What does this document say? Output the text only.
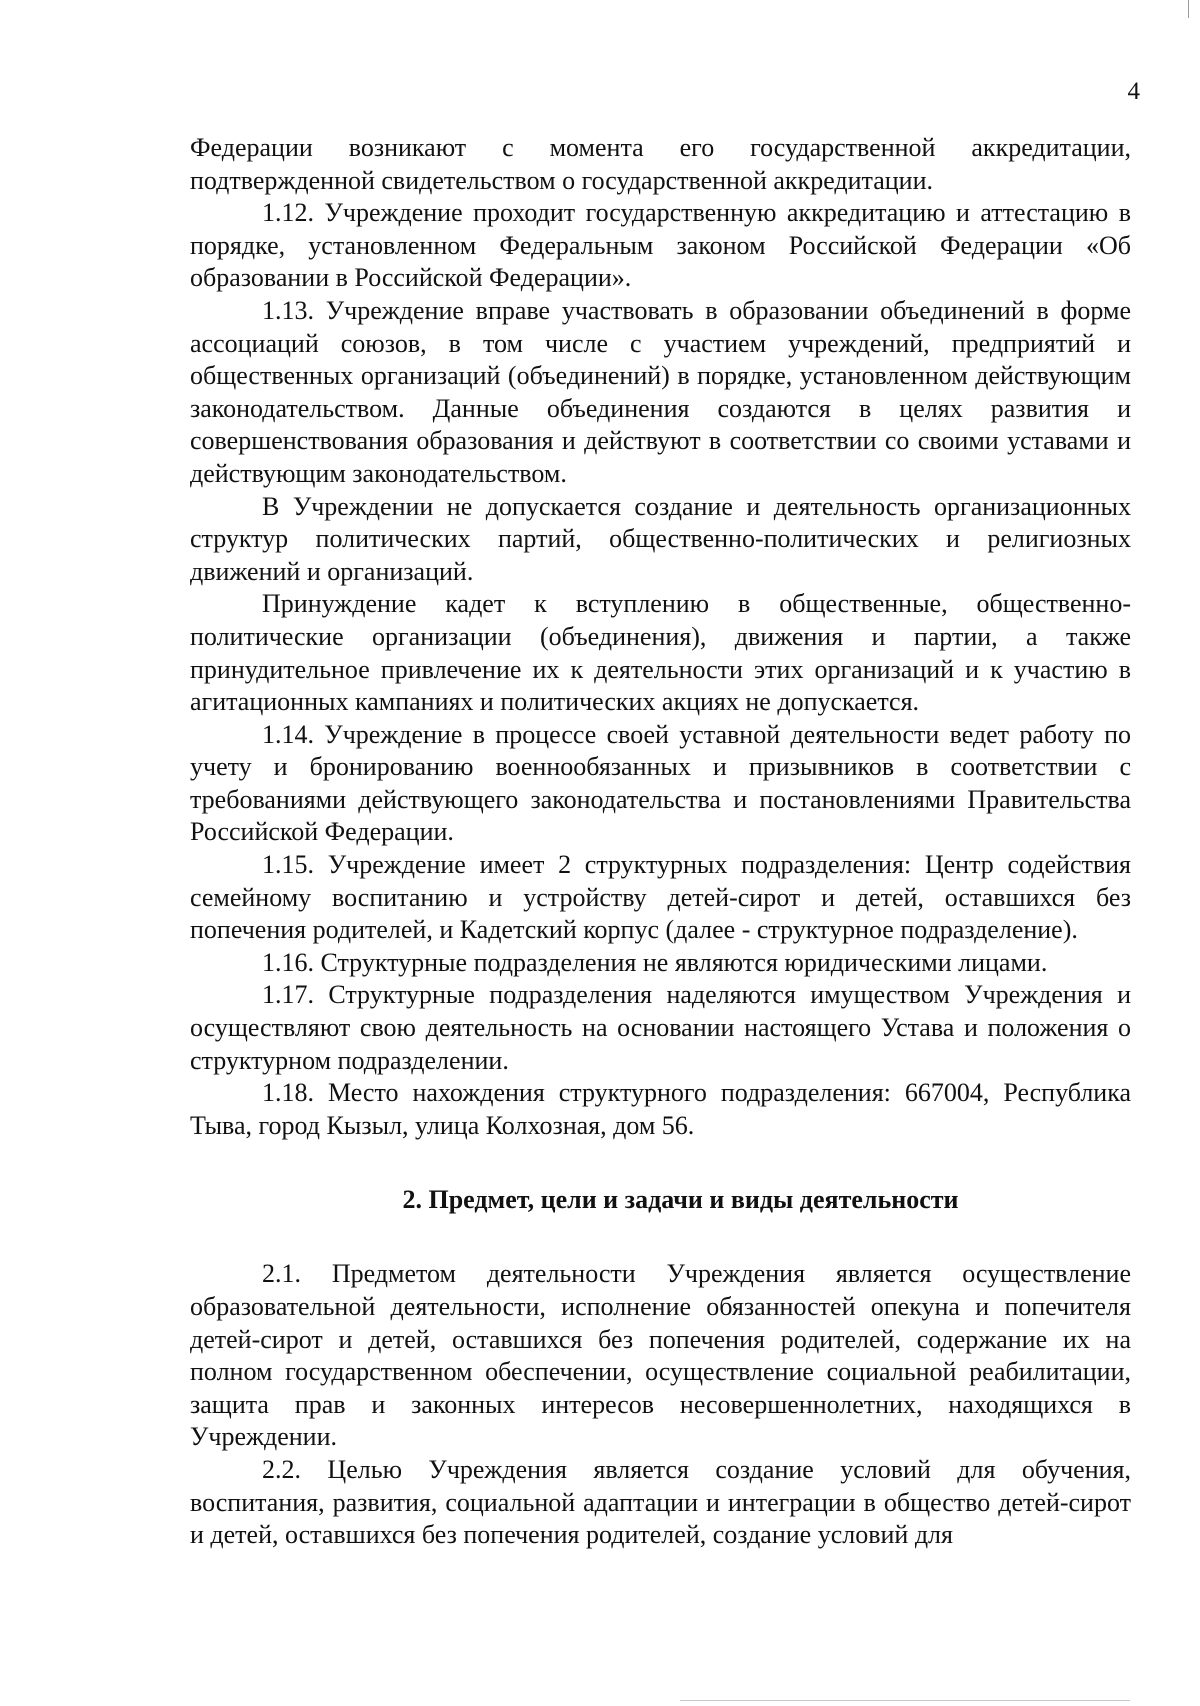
4

Федерации возникают с момента его государственной аккредитации, подтвержденной свидетельством о государственной аккредитации.

1.12. Учреждение проходит государственную аккредитацию и аттестацию в порядке, установленном Федеральным законом Российской Федерации «Об образовании в Российской Федерации».

1.13. Учреждение вправе участвовать в образовании объединений в форме ассоциаций союзов, в том числе с участием учреждений, предприятий и общественных организаций (объединений) в порядке, установленном действующим законодательством. Данные объединения создаются в целях развития и совершенствования образования и действуют в соответствии со своими уставами и действующим законодательством.

В Учреждении не допускается создание и деятельность организационных структур политических партий, общественно-политических и религиозных движений и организаций.

Принуждение кадет к вступлению в общественные, общественно-политические организации (объединения), движения и партии, а также принудительное привлечение их к деятельности этих организаций и к участию в агитационных кампаниях и политических акциях не допускается.

1.14. Учреждение в процессе своей уставной деятельности ведет работу по учету и бронированию военнообязанных и призывников в соответствии с требованиями действующего законодательства и постановлениями Правительства Российской Федерации.

1.15. Учреждение имеет 2 структурных подразделения: Центр содействия семейному воспитанию и устройству детей-сирот и детей, оставшихся без попечения родителей, и Кадетский корпус (далее - структурное подразделение).

1.16. Структурные подразделения не являются юридическими лицами.

1.17. Структурные подразделения наделяются имуществом Учреждения и осуществляют свою деятельность на основании настоящего Устава и положения о структурном подразделении.

1.18. Место нахождения структурного подразделения: 667004, Республика Тыва, город Кызыл, улица Колхозная, дом 56.

2. Предмет, цели и задачи и виды деятельности

2.1. Предметом деятельности Учреждения является осуществление образовательной деятельности, исполнение обязанностей опекуна и попечителя детей-сирот и детей, оставшихся без попечения родителей, содержание их на полном государственном обеспечении, осуществление социальной реабилитации, защита прав и законных интересов несовершеннолетних, находящихся в Учреждении.

2.2. Целью Учреждения является создание условий для обучения, воспитания, развития, социальной адаптации и интеграции в общество детей-сирот и детей, оставшихся без попечения родителей, создание условий для
